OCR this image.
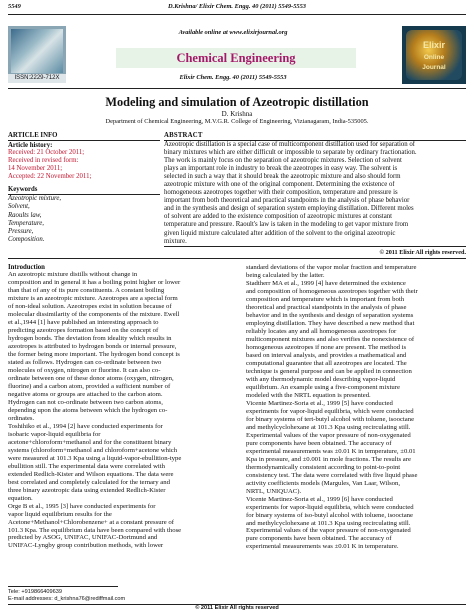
5549	D.Krishna/ Elixir Chem. Engg. 40 (2011) 5549-5553
ISSN:2229-712X
Available online at www.elixirjournal.org
Chemical Engineering
Elixir Chem. Engg. 40 (2011) 5549-5553
Elixir
Online
Journal
Modeling and simulation of Azeotropic distillation
D. Krishna
Department of Chemical Engineering, M.V.G.R. College of Engineering, Vizianagaram, India-535005.
ARTICLE INFO
Article history:
Received: 21 October 2011;
Received in revised form:
14 November 2011;
Accepted: 22 November 2011;
Keywords
Azeotropic mixture,
Solvent,
Raoults law,
Temperature,
Pressure,
Composition.
ABSTRACT
Azeotropic distillation is a special case of multicomponent distillation used for separation of
binary mixtures which are either difficult or impossible to separate by ordinary fractionation.
The work is mainly focus on the separation of azeotropic mixtures. Selection of solvent
plays an important role in industry to break the azeotropes in easy way. The solvent is
selected in such a way that it should break the azeotropic mixture and also should form
azeotropic mixture with one of the original component. Determining the existence of
homogeneous azeotropes together with their composition, temperature and pressure is
important from both theoretical and practical standpoints in the analysis of phase behavior
and in the synthesis and design of separation system employing distillation. Different moles
of solvent are added to the existence composition of azeotropic mixtures at constant
temperature and pressure. Raoult's law is taken in the modeling to get vapor mixture from
given liquid mixture calculated after addition of the solvent to the original azeotropic
mixture.
© 2011 Elixir All rights reserved.
Introduction
An azeotropic mixture distills without change in
composition and in general it has a boiling point higher or lower
than that of any of its pure constituents. A constant boiling
mixture is an azeotropic mixture. Azeotropes are a special form
of non-ideal solution. Azeotropes exist in solution because of
molecular dissimilarity of the components of the mixture. Ewell
et al.,1944 [1] have published an interesting approach to
predicting azeotropes formation based on the concept of
hydrogen bonds. The deviation from ideality which results in
azeotropes is attributed to hydrogen bonds or internal pressure,
the former being more important. The hydrogen bond concept is
stated as follows. Hydrogen can co-ordinate between two
molecules of oxygen, nitrogen or fluorine. It can also co-
ordinate between one of these donor atoms (oxygen, nitrogen,
fluorine) and a carbon atom, provided a sufficient number of
negative atoms or groups are attached to the carbon atom.
Hydrogen can not co-ordinate between two carbon atoms,
depending upon the atoms between which the hydrogen co-
ordinates.
Toshihiko et al., 1994 [2] have conducted experiments for
isobaric vapor-liquid equilibria for
acetone+chloroform+methanol and for the constituent binary
systems (chloroform+methanol and chloroform+acetone which
were measured at 101.3 Kpa using a liquid-vapor-ebullition-type
ebullition still. The experimental data were correlated with
extended Redlich-Kister and Wilson equations. The data were
best correlated and completely calculated for the ternary and
three binary azeotropic data using extended Redlich-Kister
equation.
Orge B et al., 1995 [3] have conducted experiments for
vapor liquid equilibrium results for the
Acetone+Methanol+Chlorobenzene+ at a constant pressure of
101.3 Kpa. The equilibrium data have been compared with those
predicted by ASOG, UNIFAC, UNIFAC-Dortmund and
UNIFAC-Lyngby group contribution methods, with lower
standard deviations of the vapor molar fraction and temperature
being calculated by the latter.
Stadtherr MA et al., 1999 [4] have determined the existence
and composition of homogeneous azeotropes together with their
composition and temperature which is important from both
theoretical and practical standpoints in the analysis of phase
behavior and in the synthesis and design of separation systems
employing distillation. They have described a new method that
reliably locates any and all homogeneous azeotropes for
multicomponent mixtures and also verifies the nonexistence of
homogeneous azeotropes if none are present. The method is
based on interval analysis, and provides a mathematical and
computational guarantee that all azeotropes are located. The
technique is general purpose and can be applied in connection
with any thermodynamic model describing vapor-liquid
equilibrium. An example using a five-component mixture
modeled with the NRTL equation is presented.
Vicente Martinez-Soria et al., 1999 [5] have conducted
experiments for vapor-liquid equilibria, which were conducted
for binary systems of tert-butyl alcohol with toluene, isooctane
and methylcyclohexane at 101.3 Kpa using recirculating still.
Experimental values of the vapor pressure of non-oxygenated
pure components have been obtained. The accuracy of
experimental measurements was ±0.01 K in temperature, ±0.01
Kpa in pressure, and ±0.001 in mole fractions. The results are
thermodynamically consistent according to point-to-point
consistency test. The data were correlated with five liquid phase
activity coefficients models (Margules, Van Laar, Wilson,
NRTL, UNIQUAC).
Vicente Martinez-Soria et al., 1999 [6] have conducted
experiments for vapor-liquid equilibria, which were conducted
for binary systems of iso-butyl alcohol with toluene, isooctane
and methylcyclohexane at 101.3 Kpa using recirculating still.
Experimental values of the vapor pressure of non-oxygenated
pure components have been obtained. The accuracy of
experimental measurements was ±0.01 K in temperature.
Tele: +919866409639
E-mail addresses: d_krishna76@rediffmail.com
© 2011 Elixir All rights reserved
